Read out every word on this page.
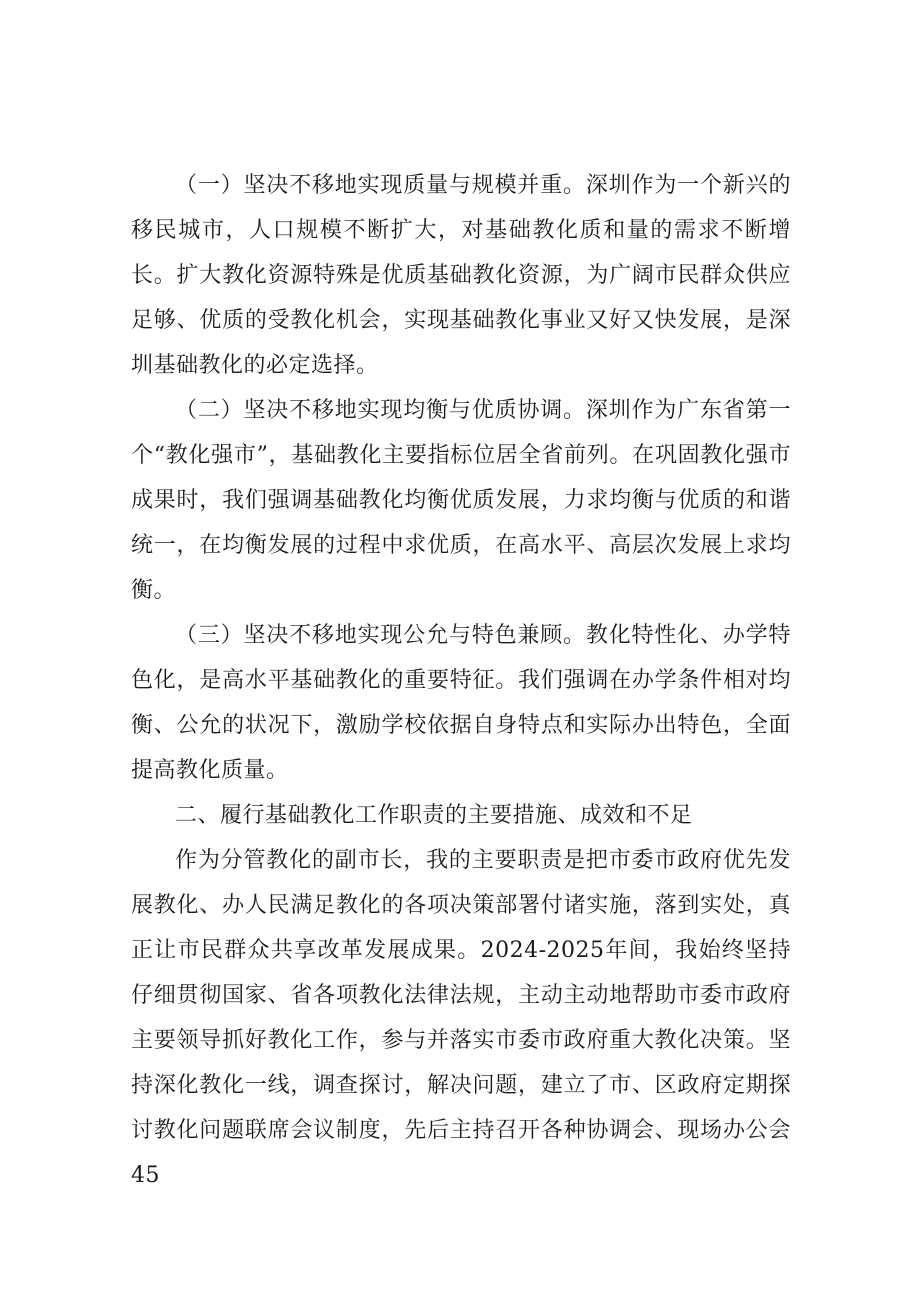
（一）坚决不移地实现质量与规模并重。深圳作为一个新兴的移民城市，人口规模不断扩大，对基础教化质和量的需求不断增长。扩大教化资源特殊是优质基础教化资源，为广阔市民群众供应足够、优质的受教化机会，实现基础教化事业又好又快发展，是深圳基础教化的必定选择。

（二）坚决不移地实现均衡与优质协调。深圳作为广东省第一个“教化强市”，基础教化主要指标位居全省前列。在巩固教化强市成果时，我们强调基础教化均衡优质发展，力求均衡与优质的和谐统一，在均衡发展的过程中求优质，在高水平、高层次发展上求均衡。

（三）坚决不移地实现公允与特色兼顾。教化特性化、办学特色化，是高水平基础教化的重要特征。我们强调在办学条件相对均衡、公允的状况下，激励学校依据自身特点和实际办出特色，全面提高教化质量。

二、履行基础教化工作职责的主要措施、成效和不足

作为分管教化的副市长，我的主要职责是把市委市政府优先发展教化、办人民满足教化的各项决策部署付诸实施，落到实处，真正让市民群众共享改革发展成果。2024-2025年间，我始终坚持仔细贯彻国家、省各项教化法律法规，主动主动地帮助市委市政府主要领导抓好教化工作，参与并落实市委市政府重大教化决策。坚持深化教化一线，调查探讨，解决问题，建立了市、区政府定期探讨教化问题联席会议制度，先后主持召开各种协调会、现场办公会45
